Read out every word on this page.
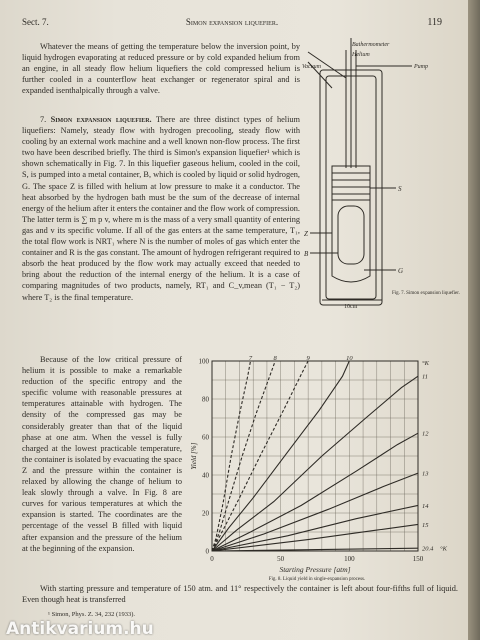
Sect. 7.	Simon expansion liquefier.	119

Whatever the means of getting the temperature below the inversion point, by liquid hydrogen evaporating at reduced pressure or by cold expanded helium from an engine, in all steady flow helium liquefiers the cold compressed helium is further cooled in a counterflow heat exchanger or regenerator spiral and is expanded isenthalpically through a valve.

7. Simon expansion liquefier. There are three distinct types of helium liquefiers: Namely, steady flow with hydrogen precooling, steady flow with cooling by an external work machine and a well known non-flow process. The first two have been described briefly. The third is Simon's expansion liquefier¹ which is shown schematically in Fig. 7. In this liquefier gaseous helium, cooled in the coil, S, is pumped into a metal container, B, which is cooled by liquid or solid hydrogen, G. The space Z is filled with helium at low pressure to make it a conductor. The heat absorbed by the hydrogen bath must be the sum of the decrease of internal energy of the helium after it enters the container and the flow work of compression. The latter term is ∑ m p v, where m is the mass of a very small quantity of entering gas and v its specific volume. If all of the gas enters at the same temperature, T₁, the total flow work is NRT₁ where N is the number of moles of gas which enter the container and R is the gas constant. The amount of hydrogen refrigerant required to absorb the heat produced by the flow work may actually exceed that needed to bring about the reduction of the internal energy of the helium. It is a case of comparing magnitudes of two products, namely, RT₁ and C_v,mean (T₁ − T₂) where T₂ is the final temperature.

Because of the low critical pressure of helium it is possible to make a remarkable reduction of the specific entropy and the specific volume with reasonable pressures at temperatures attainable with hydrogen. The density of the compressed gas may be considerably greater than that of the liquid phase at one atm. When the vessel is fully charged at the lowest practicable temperature, the container is isolated by evacuating the space Z and the pressure within the container is relaxed by allowing the change of helium to leak slowly through a valve. In Fig. 8 are curves for various temperatures at which the expansion is started. The coordinates are the percentage of the vessel B filled with liquid after expansion and the pressure of the helium at the beginning of the expansion.

With starting pressure and temperature of 150 atm. and 11° respectively the container is left about four-fifths full of liquid. Even though heat is transferred

Bathermometer
Helium
Vacuum	Pump
S
Z
B
G
10cm
Fig. 7. Simon expansion liquefier.
0	50	100	150
0
20
40
60
80
100
Starting Pressure [atm]
Yield [%]
7	8	9	10
11
12
13
14
15
20.4
°K
°K
Fig. 8. Liquid yield in single-expansion process.
¹ Simon, Phys. Z. 34, 232 (1933).
Antikvarium.hu
